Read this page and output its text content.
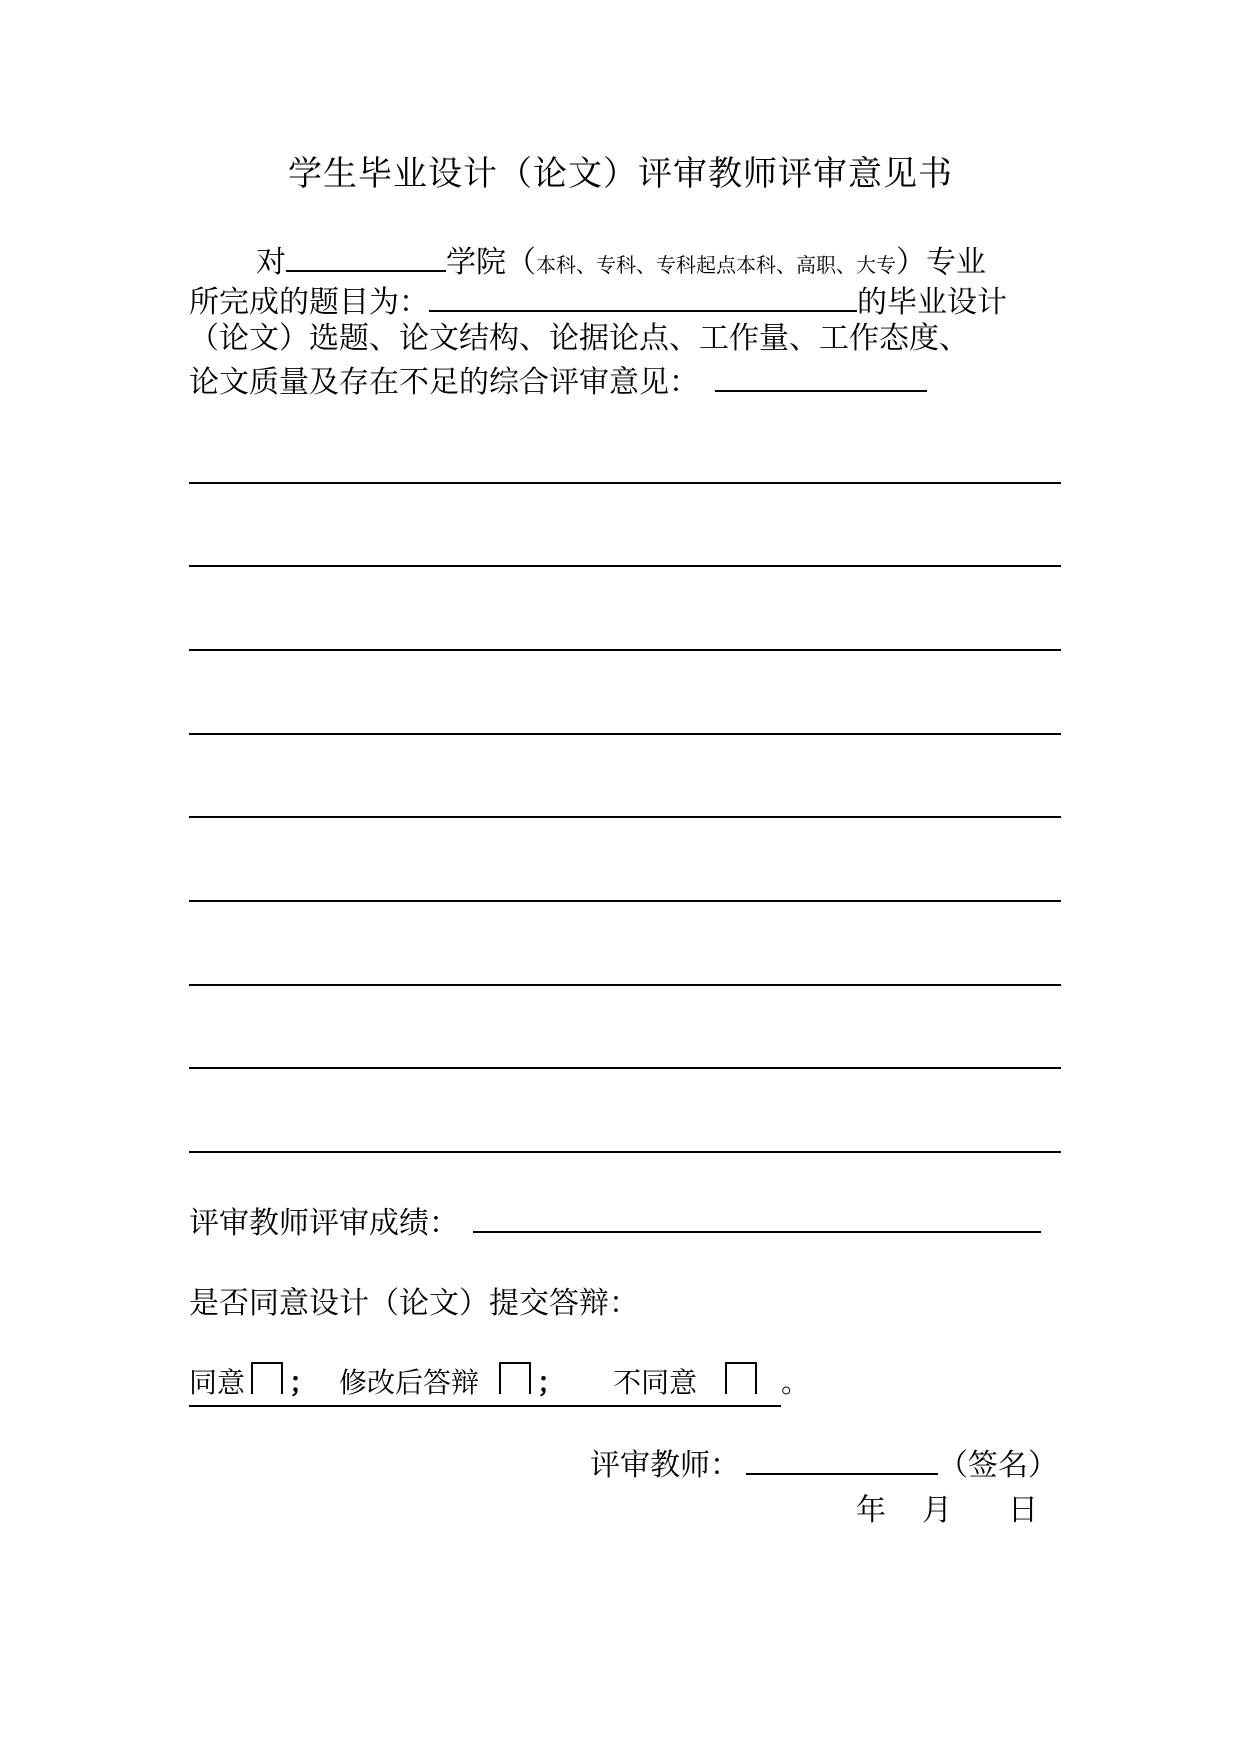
学生毕业设计（论文）评审教师评审意见书
对	学院（本科、专科、专科起点本科、高职、大专）专业
所完成的题目为：	的毕业设计
（论文）选题、论文结构、论据论点、工作量、工作态度、
论文质量及存在不足的综合评审意见：
评审教师评审成绩：
是否同意设计（论文）提交答辩：
同意 ； 修改后答辩 ； 不同意	。
评审教师：	（签名）
年 月 日
